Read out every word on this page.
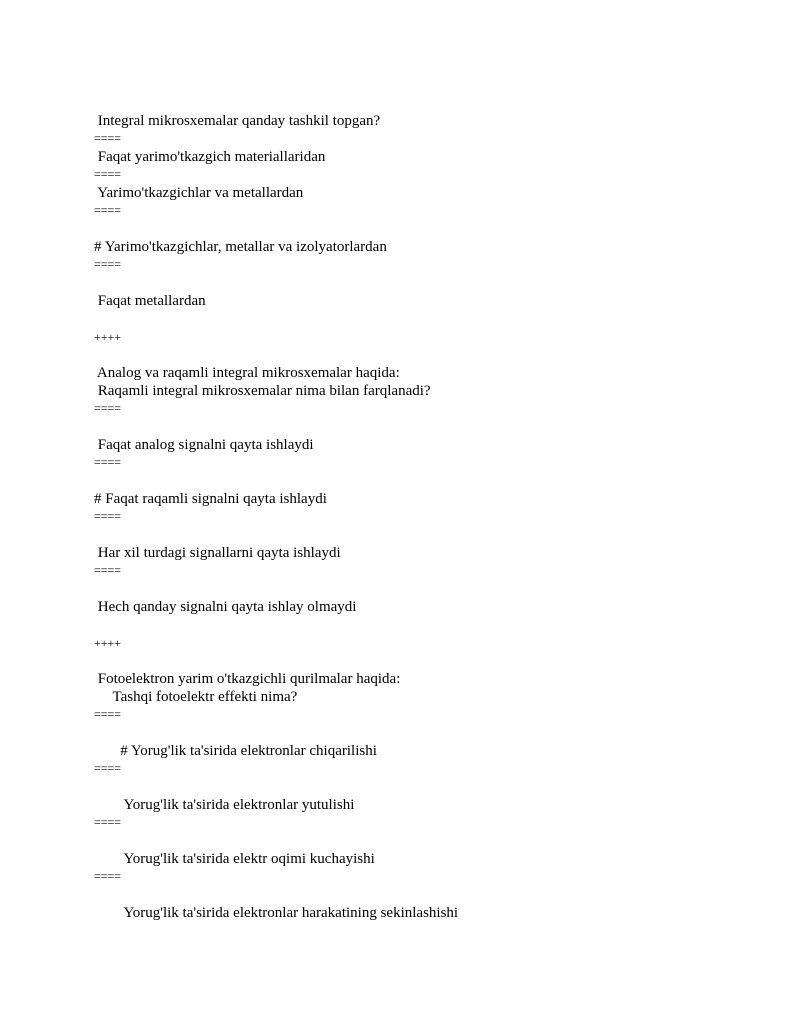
Integral mikrosxemalar qanday tashkil topgan?
====
Faqat yarimo'tkazgich materiallaridan
====
Yarimo'tkazgichlar va metallardan
====
# Yarimo'tkazgichlar, metallar va izolyatorlardan
====
Faqat metallardan
++++
Analog va raqamli integral mikrosxemalar haqida:
Raqamli integral mikrosxemalar nima bilan farqlanadi?
====
Faqat analog signalni qayta ishlaydi
====
# Faqat raqamli signalni qayta ishlaydi
====
Har xil turdagi signallarni qayta ishlaydi
====
Hech qanday signalni qayta ishlay olmaydi
++++
Fotoelektron yarim o'tkazgichli qurilmalar haqida:
Tashqi fotoelektr effekti nima?
====
# Yorug'lik ta'sirida elektronlar chiqarilishi
====
Yorug'lik ta'sirida elektronlar yutulishi
====
Yorug'lik ta'sirida elektr oqimi kuchayishi
====
Yorug'lik ta'sirida elektronlar harakatining sekinlashishi
